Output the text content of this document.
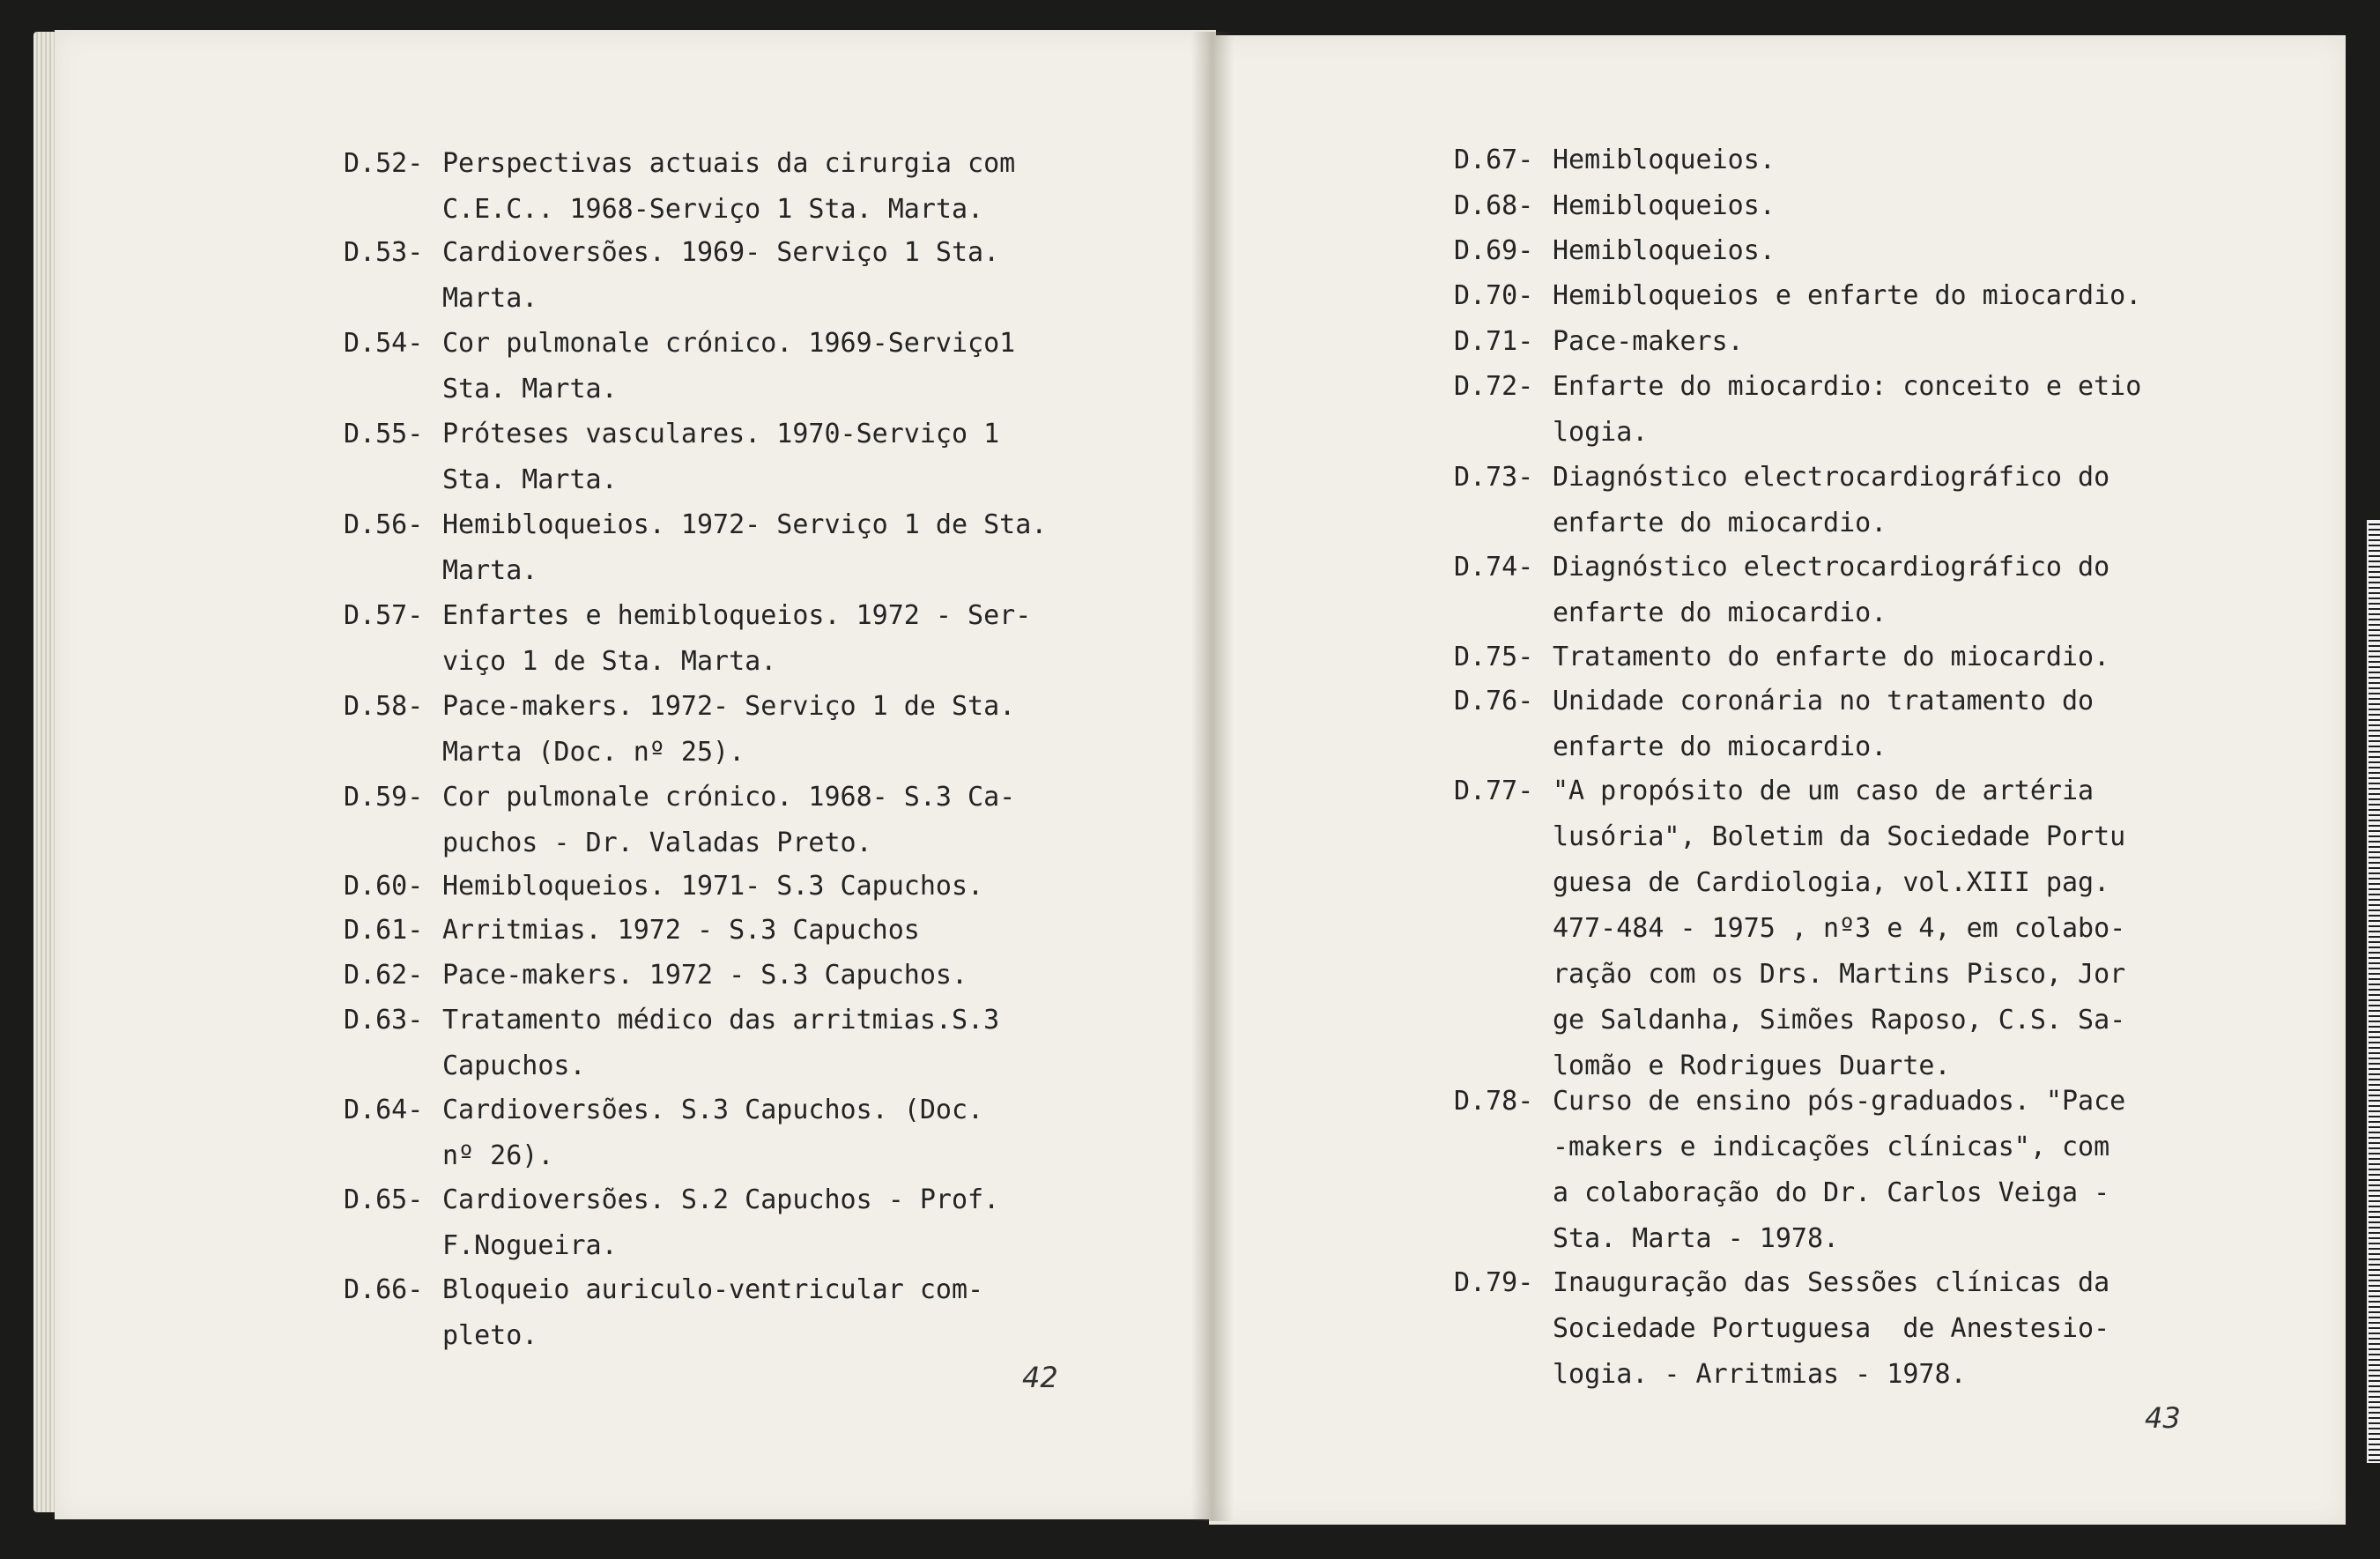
D.52- Perspectivas actuais da cirurgia com
C.E.C.. 1968-Serviço 1 Sta. Marta.
D.53- Cardioversões. 1969- Serviço 1 Sta.
Marta.
D.54- Cor pulmonale crónico. 1969-Serviço1
Sta. Marta.
D.55- Próteses vasculares. 1970-Serviço 1
Sta. Marta.
D.56- Hemibloqueios. 1972- Serviço 1 de Sta.
Marta.
D.57- Enfartes e hemibloqueios. 1972 - Ser-
viço 1 de Sta. Marta.
D.58- Pace-makers. 1972- Serviço 1 de Sta.
Marta (Doc. nº 25).
D.59- Cor pulmonale crónico. 1968- S.3 Ca-
puchos - Dr. Valadas Preto.
D.60- Hemibloqueios. 1971- S.3 Capuchos.
D.61- Arritmias. 1972 - S.3 Capuchos
D.62- Pace-makers. 1972 - S.3 Capuchos.
D.63- Tratamento médico das arritmias.S.3
Capuchos.
D.64- Cardioversões. S.3 Capuchos. (Doc.
nº 26).
D.65- Cardioversões. S.2 Capuchos - Prof.
F.Nogueira.
D.66- Bloqueio auriculo-ventricular com-
pleto.
42
D.67- Hemibloqueios.
D.68- Hemibloqueios.
D.69- Hemibloqueios.
D.70- Hemibloqueios e enfarte do miocardio.
D.71- Pace-makers.
D.72- Enfarte do miocardio: conceito e etio
logia.
D.73- Diagnóstico electrocardiográfico do
enfarte do miocardio.
D.74- Diagnóstico electrocardiográfico do
enfarte do miocardio.
D.75- Tratamento do enfarte do miocardio.
D.76- Unidade coronária no tratamento do
enfarte do miocardio.
D.77- "A propósito de um caso de artéria
lusória", Boletim da Sociedade Portu
guesa de Cardiologia, vol.XIII pag.
477-484 - 1975 , nº3 e 4, em colabo-
ração com os Drs. Martins Pisco, Jor
ge Saldanha, Simões Raposo, C.S. Sa-
lomão e Rodrigues Duarte.
D.78- Curso de ensino pós-graduados. "Pace
-makers e indicações clínicas", com
a colaboração do Dr. Carlos Veiga -
Sta. Marta - 1978.
D.79- Inauguração das Sessões clínicas da
Sociedade Portuguesa  de Anestesio-
logia. - Arritmias - 1978.
43
